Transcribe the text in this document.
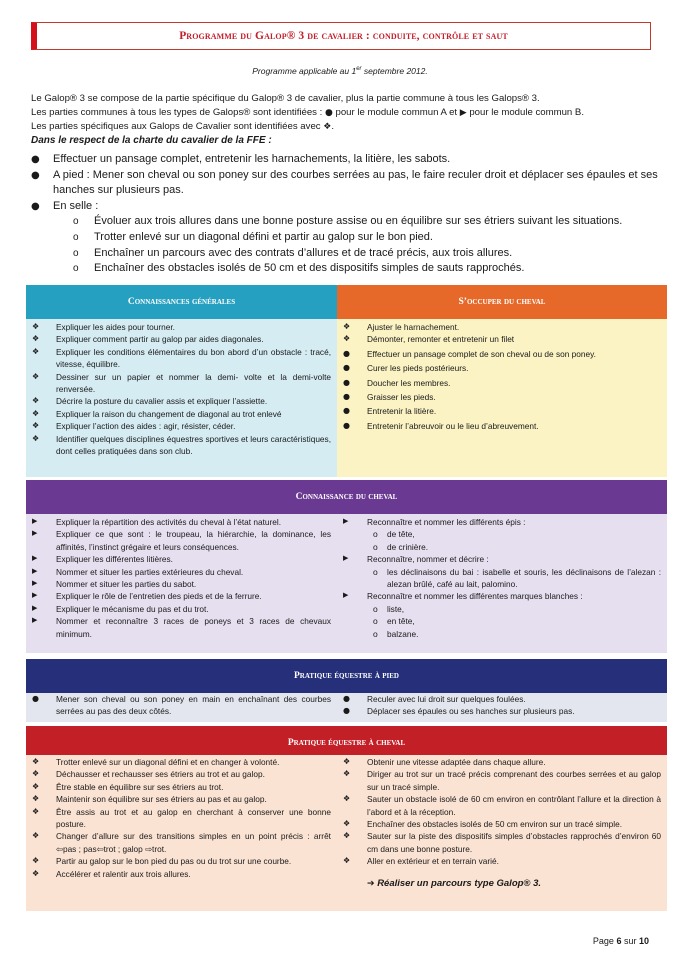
Programme du Galop® 3 de cavalier : conduite, contrôle et saut
Programme applicable au 1er septembre 2012.
Le Galop® 3 se compose de la partie spécifique du Galop® 3 de cavalier, plus la partie commune à tous les Galops® 3.
Les parties communes à tous les types de Galops® sont identifiées : ● pour le module commun A et ▶ pour le module commun B.
Les parties spécifiques aux Galops de Cavalier sont identifiées avec ❖.
Dans le respect de la charte du cavalier de la FFE :
● Effectuer un pansage complet, entretenir les harnachements, la litière, les sabots.
● A pied : Mener son cheval ou son poney sur des courbes serrées au pas, le faire reculer droit et déplacer ses épaules et ses hanches sur plusieurs pas.
● En selle :
o Évoluer aux trois allures dans une bonne posture assise ou en équilibre sur ses étriers suivant les situations.
o Trotter enlevé sur un diagonal défini et partir au galop sur le bon pied.
o Enchaîner un parcours avec des contrats d’allures et de tracé précis, aux trois allures.
o Enchaîner des obstacles isolés de 50 cm et des dispositifs simples de sauts rapprochés.
Connaissances générales	S’occuper du cheval
❖ Expliquer les aides pour tourner.
❖ Expliquer comment partir au galop par aides diagonales.
❖ Expliquer les conditions élémentaires du bon abord d’un obstacle : tracé, vitesse, équilibre.
❖ Dessiner sur un papier et nommer la demi- volte et la demi-volte renversée.
❖ Décrire la posture du cavalier assis et expliquer l’assiette.
❖ Expliquer la raison du changement de diagonal au trot enlevé
❖ Expliquer l’action des aides : agir, résister, céder.
❖ Identifier quelques disciplines équestres sportives et leurs caractéristiques, dont celles pratiquées dans son club.
❖ Ajuster le harnachement.
❖ Démonter, remonter et entretenir un filet
● Effectuer un pansage complet de son cheval ou de son poney.
● Curer les pieds postérieurs.
● Doucher les membres.
● Graisser les pieds.
● Entretenir la litière.
● Entretenir l’abreuvoir ou le lieu d’abreuvement.
Connaissance du cheval
▶ Expliquer la répartition des activités du cheval à l’état naturel.
▶ Expliquer ce que sont : le troupeau, la hiérarchie, la dominance, les affinités, l’instinct grégaire et leurs conséquences.
▶ Expliquer les différentes litières.
▶ Nommer et situer les parties extérieures du cheval.
▶ Nommer et situer les parties du sabot.
▶ Expliquer le rôle de l’entretien des pieds et de la ferrure.
▶ Expliquer le mécanisme du pas et du trot.
▶ Nommer et reconnaître 3 races de poneys et 3 races de chevaux minimum.
▶ Reconnaître et nommer les différents épis :
o de tête,
o de crinière.
▶ Reconnaître, nommer et décrire :
o les déclinaisons du bai : isabelle et souris, les déclinaisons de l’alezan : alezan brûlé, café au lait, palomino.
▶ Reconnaître et nommer les différentes marques blanches :
o liste,
o en tête,
o balzane.
Pratique équestre à pied
● Mener son cheval ou son poney en main en enchaînant des courbes serrées au pas des deux côtés.
● Reculer avec lui droit sur quelques foulées.
● Déplacer ses épaules ou ses hanches sur plusieurs pas.
Pratique équestre à cheval
❖ Trotter enlevé sur un diagonal défini et en changer à volonté.
❖ Déchausser et rechausser ses étriers au trot et au galop.
❖ Être stable en équilibre sur ses étriers au trot.
❖ Maintenir son équilibre sur ses étriers au pas et au galop.
❖ Être assis au trot et au galop en cherchant à conserver une bonne posture.
❖ Changer d’allure sur des transitions simples en un point précis : arrêt ⇦pas ; pas⇦trot ; galop ⇨trot.
❖ Partir au galop sur le bon pied du pas ou du trot sur une courbe.
❖ Accélérer et ralentir aux trois allures.
❖ Obtenir une vitesse adaptée dans chaque allure.
❖ Diriger au trot sur un tracé précis comprenant des courbes serrées et au galop sur un tracé simple.
❖ Sauter un obstacle isolé de 60 cm environ en contrôlant l’allure et la direction à l’abord et à la réception.
❖ Enchaîner des obstacles isolés de 50 cm environ sur un tracé simple.
❖ Sauter sur la piste des dispositifs simples d’obstacles rapprochés d’environ 60 cm dans une bonne posture.
❖ Aller en extérieur et en terrain varié.
➔ Réaliser un parcours type Galop® 3.
Page 6 sur 10
